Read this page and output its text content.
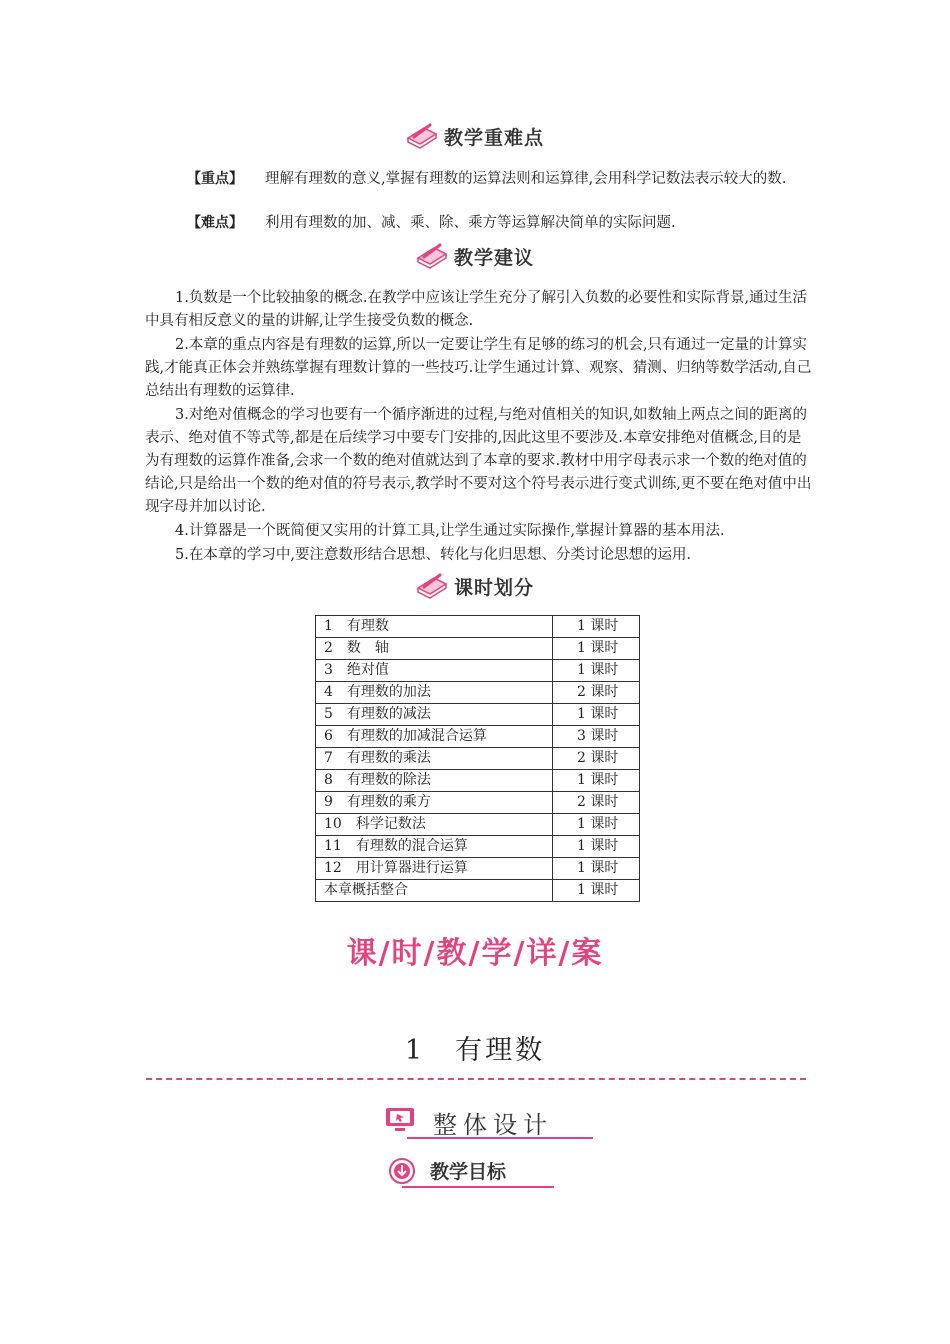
教学重难点
【重点】 理解有理数的意义,掌握有理数的运算法则和运算律,会用科学记数法表示较大的数.
【难点】 利用有理数的加、减、乘、除、乘方等运算解决简单的实际问题.
教学建议
1.负数是一个比较抽象的概念.在教学中应该让学生充分了解引入负数的必要性和实际背景,通过生活中具有相反意义的量的讲解,让学生接受负数的概念.
2.本章的重点内容是有理数的运算,所以一定要让学生有足够的练习的机会,只有通过一定量的计算实践,才能真正体会并熟练掌握有理数计算的一些技巧.让学生通过计算、观察、猜测、归纳等数学活动,自己总结出有理数的运算律.
3.对绝对值概念的学习也要有一个循序渐进的过程,与绝对值相关的知识,如数轴上两点之间的距离的表示、绝对值不等式等,都是在后续学习中要专门安排的,因此这里不要涉及.本章安排绝对值概念,目的是为有理数的运算作准备,会求一个数的绝对值就达到了本章的要求.教材中用字母表示求一个数的绝对值的结论,只是给出一个数的绝对值的符号表示,教学时不要对这个符号表示进行变式训练,更不要在绝对值中出现字母并加以讨论.
4.计算器是一个既简便又实用的计算工具,让学生通过实际操作,掌握计算器的基本用法.
5.在本章的学习中,要注意数形结合思想、转化与化归思想、分类讨论思想的运用.
课时划分
1　有理数	1 课时
2　数　轴	1 课时
3　绝对值	1 课时
4　有理数的加法	2 课时
5　有理数的减法	1 课时
6　有理数的加减混合运算	3 课时
7　有理数的乘法	2 课时
8　有理数的除法	1 课时
9　有理数的乘方	2 课时
10　科学记数法	1 课时
11　有理数的混合运算	1 课时
12　用计算器进行运算	1 课时
本章概括整合	1 课时
课/时/教/学/详/案
1　有理数
整体设计
教学目标
